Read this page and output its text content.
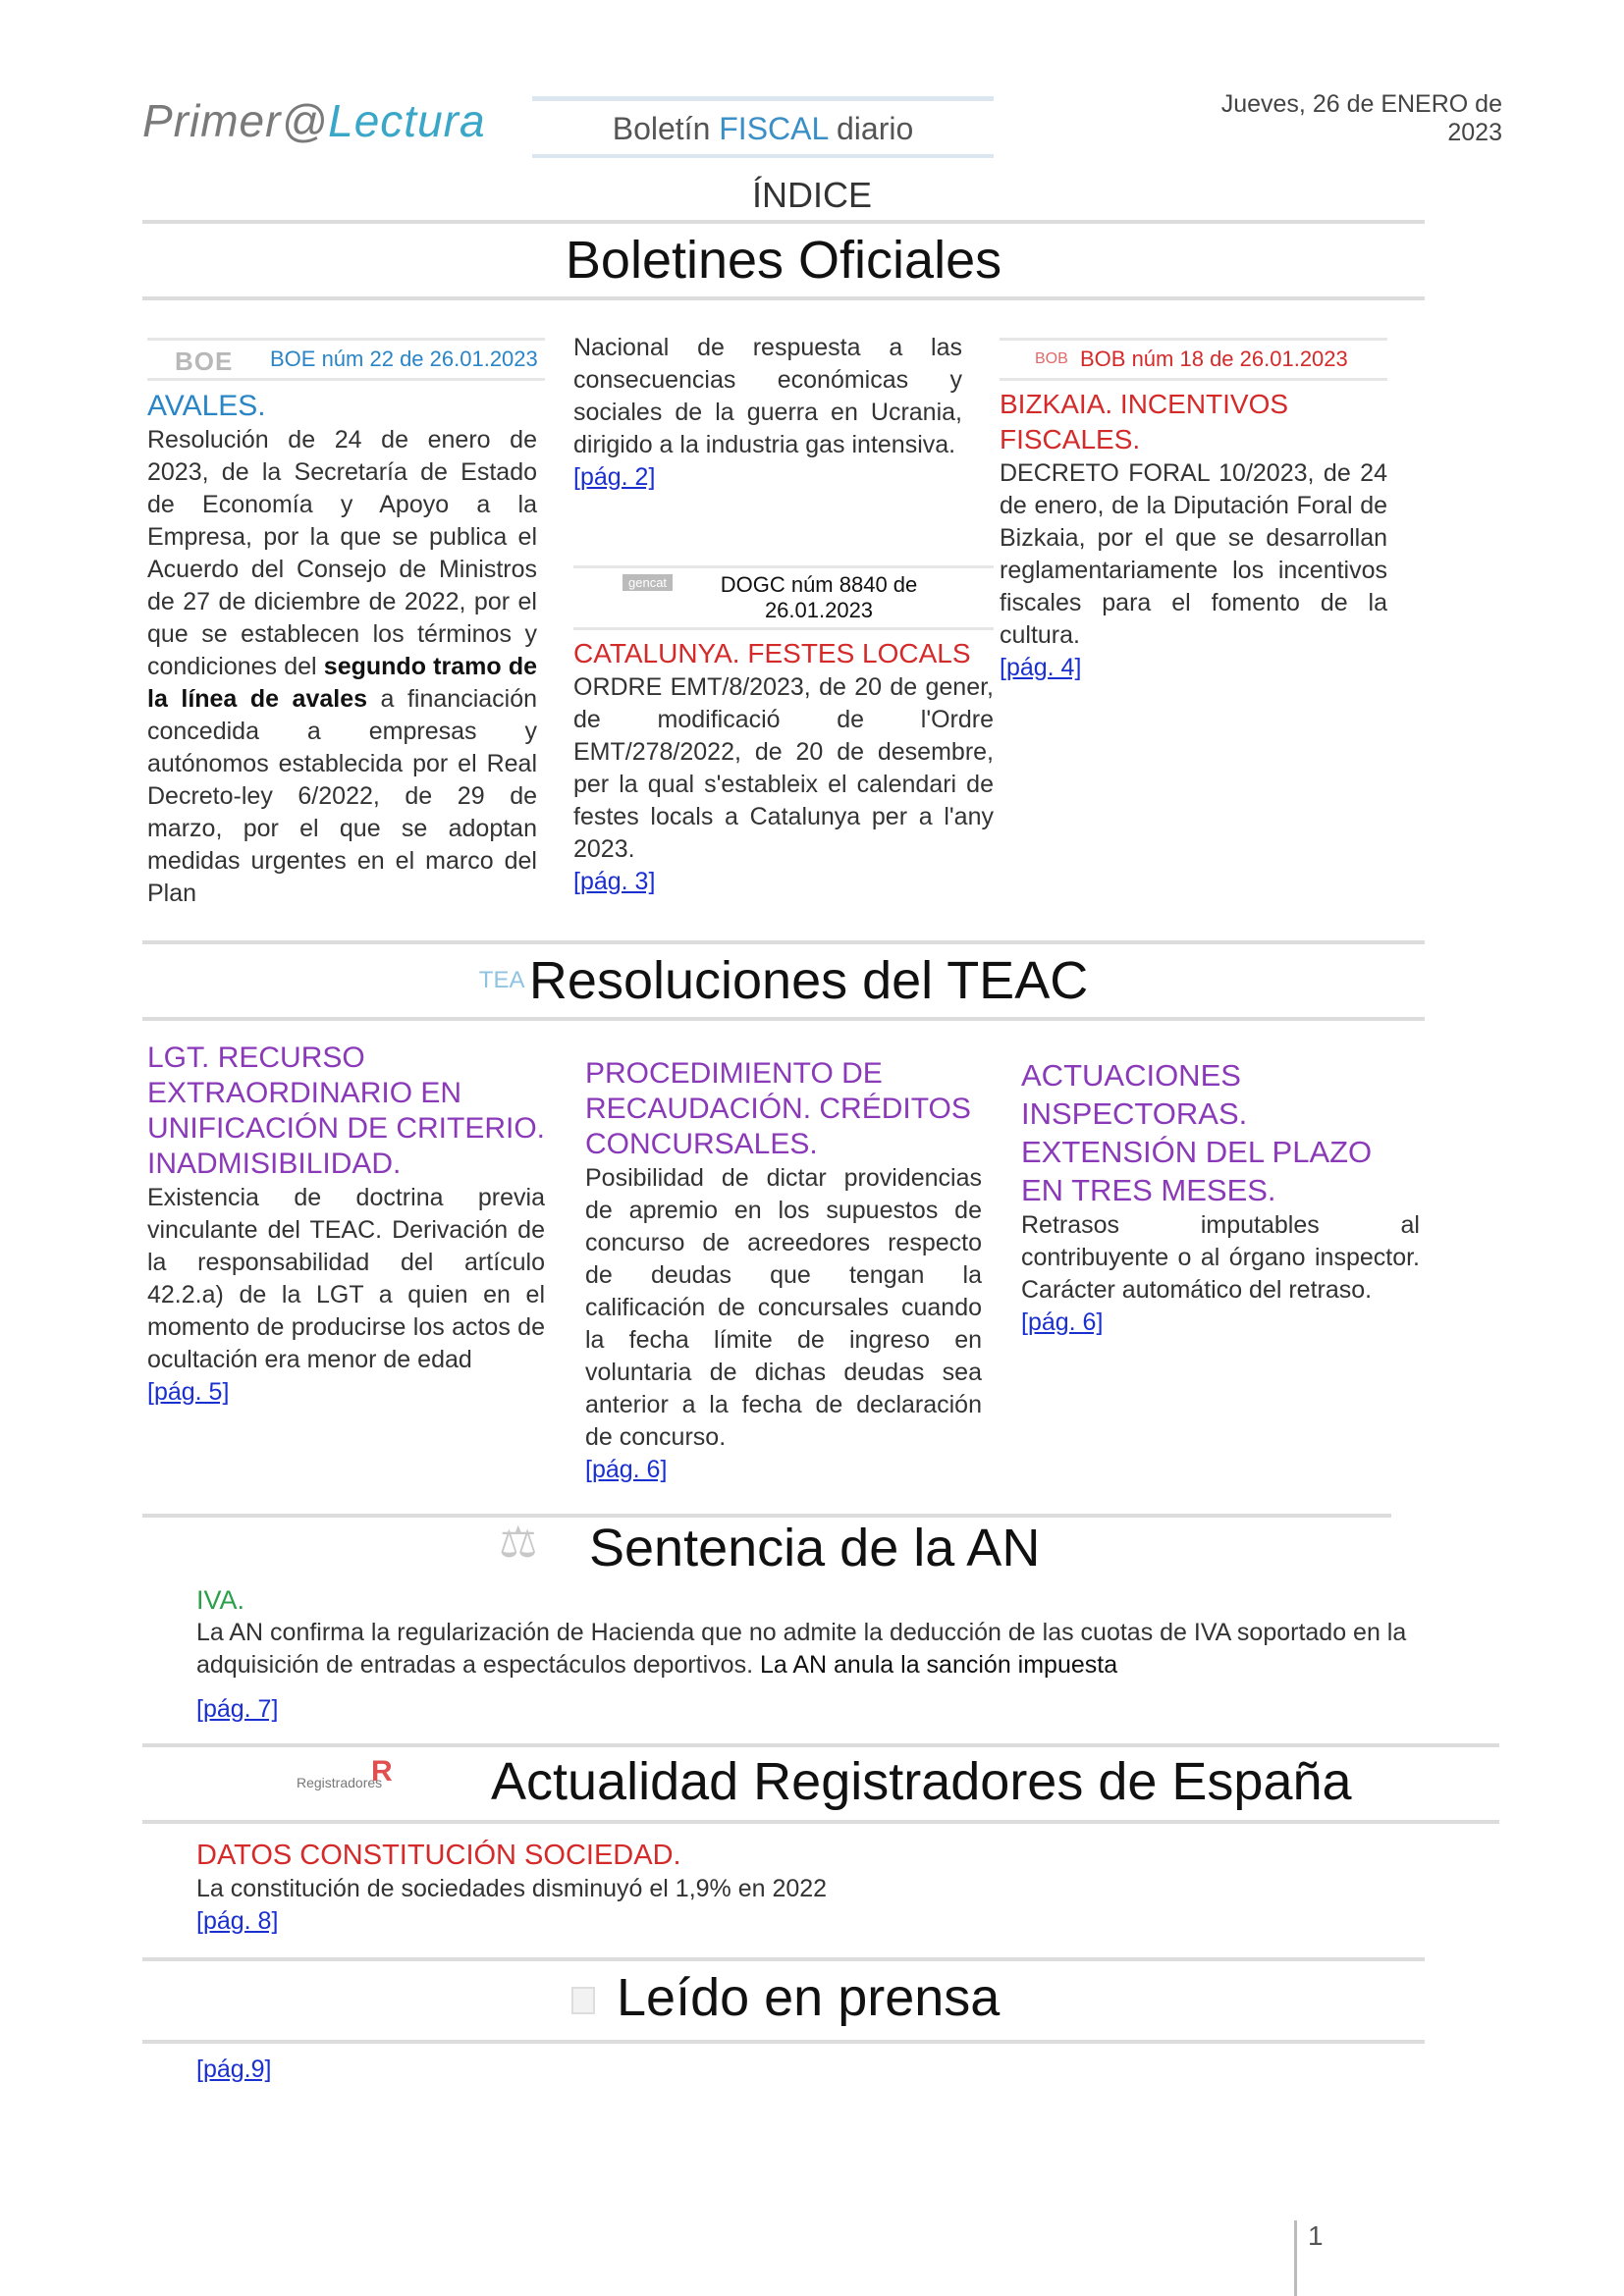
Primer@Lectura	Boletín FISCAL diario
Jueves, 26 de ENERO de 2023
ÍNDICE
Boletines Oficiales
BOE BOE núm 22 de 26.01.2023
AVALES.

Resolución de 24 de enero de 2023, de la Secretaría de Estado de Economía y Apoyo a la Empresa, por la que se publica el Acuerdo del Consejo de Ministros de 27 de diciembre de 2022, por el que se establecen los términos y condiciones del segundo tramo de la línea de avales a financiación concedida a empresas y autónomos establecida por el Real Decreto-ley 6/2022, de 29 de marzo, por el que se adoptan medidas urgentes en el marco del Plan

Nacional de respuesta a las consecuencias económicas y sociales de la guerra en Ucrania, dirigido a la industria gas intensiva.

[pág. 2]
gencat	DOGC núm 8840 de 26.01.2023
CATALUNYA. FESTES LOCALS

ORDRE EMT/8/2023, de 20 de gener, de modificació de l'Ordre EMT/278/2022, de 20 de desembre, per la qual s'estableix el calendari de festes locals a Catalunya per a l'any 2023.

[pág. 3]
BOB BOB núm 18 de 26.01.2023
BIZKAIA. INCENTIVOS FISCALES.

DECRETO FORAL 10/2023, de 24 de enero, de la Diputación Foral de Bizkaia, por el que se desarrollan reglamentariamente los incentivos fiscales para el fomento de la cultura.

[pág. 4]
TEA Resoluciones del TEAC
LGT. RECURSO EXTRAORDINARIO EN UNIFICACIÓN DE CRITERIO. INADMISIBILIDAD.

Existencia de doctrina previa vinculante del TEAC. Derivación de la responsabilidad del artículo 42.2.a) de la LGT a quien en el momento de producirse los actos de ocultación era menor de edad

[pág. 5]
PROCEDIMIENTO DE RECAUDACIÓN. CRÉDITOS CONCURSALES.

Posibilidad de dictar providencias de apremio en los supuestos de concurso de acreedores respecto de deudas que tengan la calificación de concursales cuando la fecha límite de ingreso en voluntaria de dichas deudas sea anterior a la fecha de declaración de concurso.

[pág. 6]
ACTUACIONES INSPECTORAS. EXTENSIÓN DEL PLAZO EN TRES MESES.

Retrasos imputables al contribuyente o al órgano inspector. Carácter automático del retraso.

[pág. 6]
⚖ Sentencia de la AN
IVA.

La AN confirma la regularización de Hacienda que no admite la deducción de las cuotas de IVA soportado en la adquisición de entradas a espectáculos deportivos. La AN anula la sanción impuesta

[pág. 7]
R
Registradores Actualidad Registradores de España
DATOS CONSTITUCIÓN SOCIEDAD.

La constitución de sociedades disminuyó el 1,9% en 2022

[pág. 8]
Leído en prensa
[pág.9]
1
